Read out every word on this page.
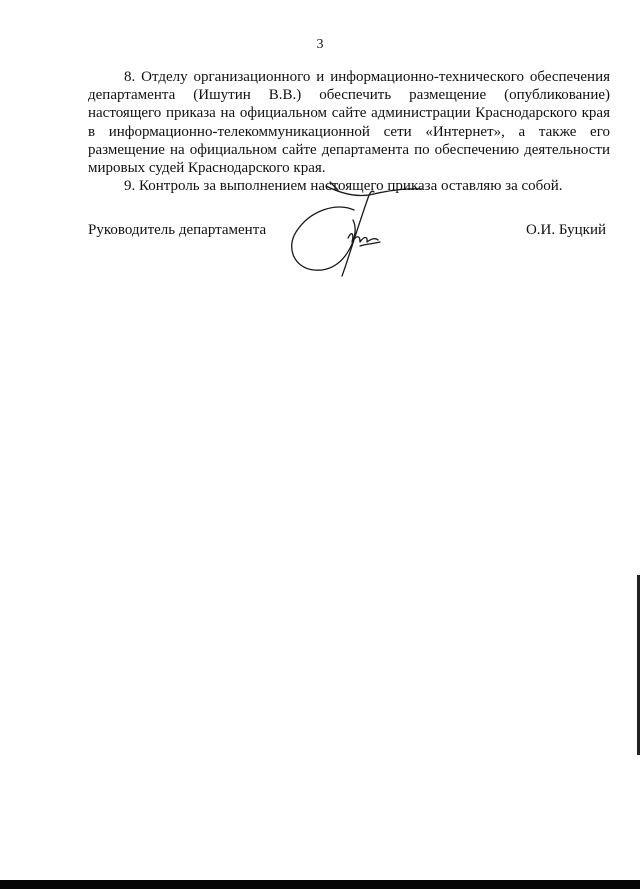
3

8. Отделу организационного и информационно-технического обеспечения департамента (Ишутин В.В.) обеспечить размещение (опубликование) настоящего приказа на официальном сайте администрации Краснодарского края в информационно-телекоммуникационной сети «Интернет», а также его размещение на официальном сайте департамента по обеспечению деятельности мировых судей Краснодарского края.

9. Контроль за выполнением настоящего приказа оставляю за собой.

Руководитель департамента	О.И. Буцкий
